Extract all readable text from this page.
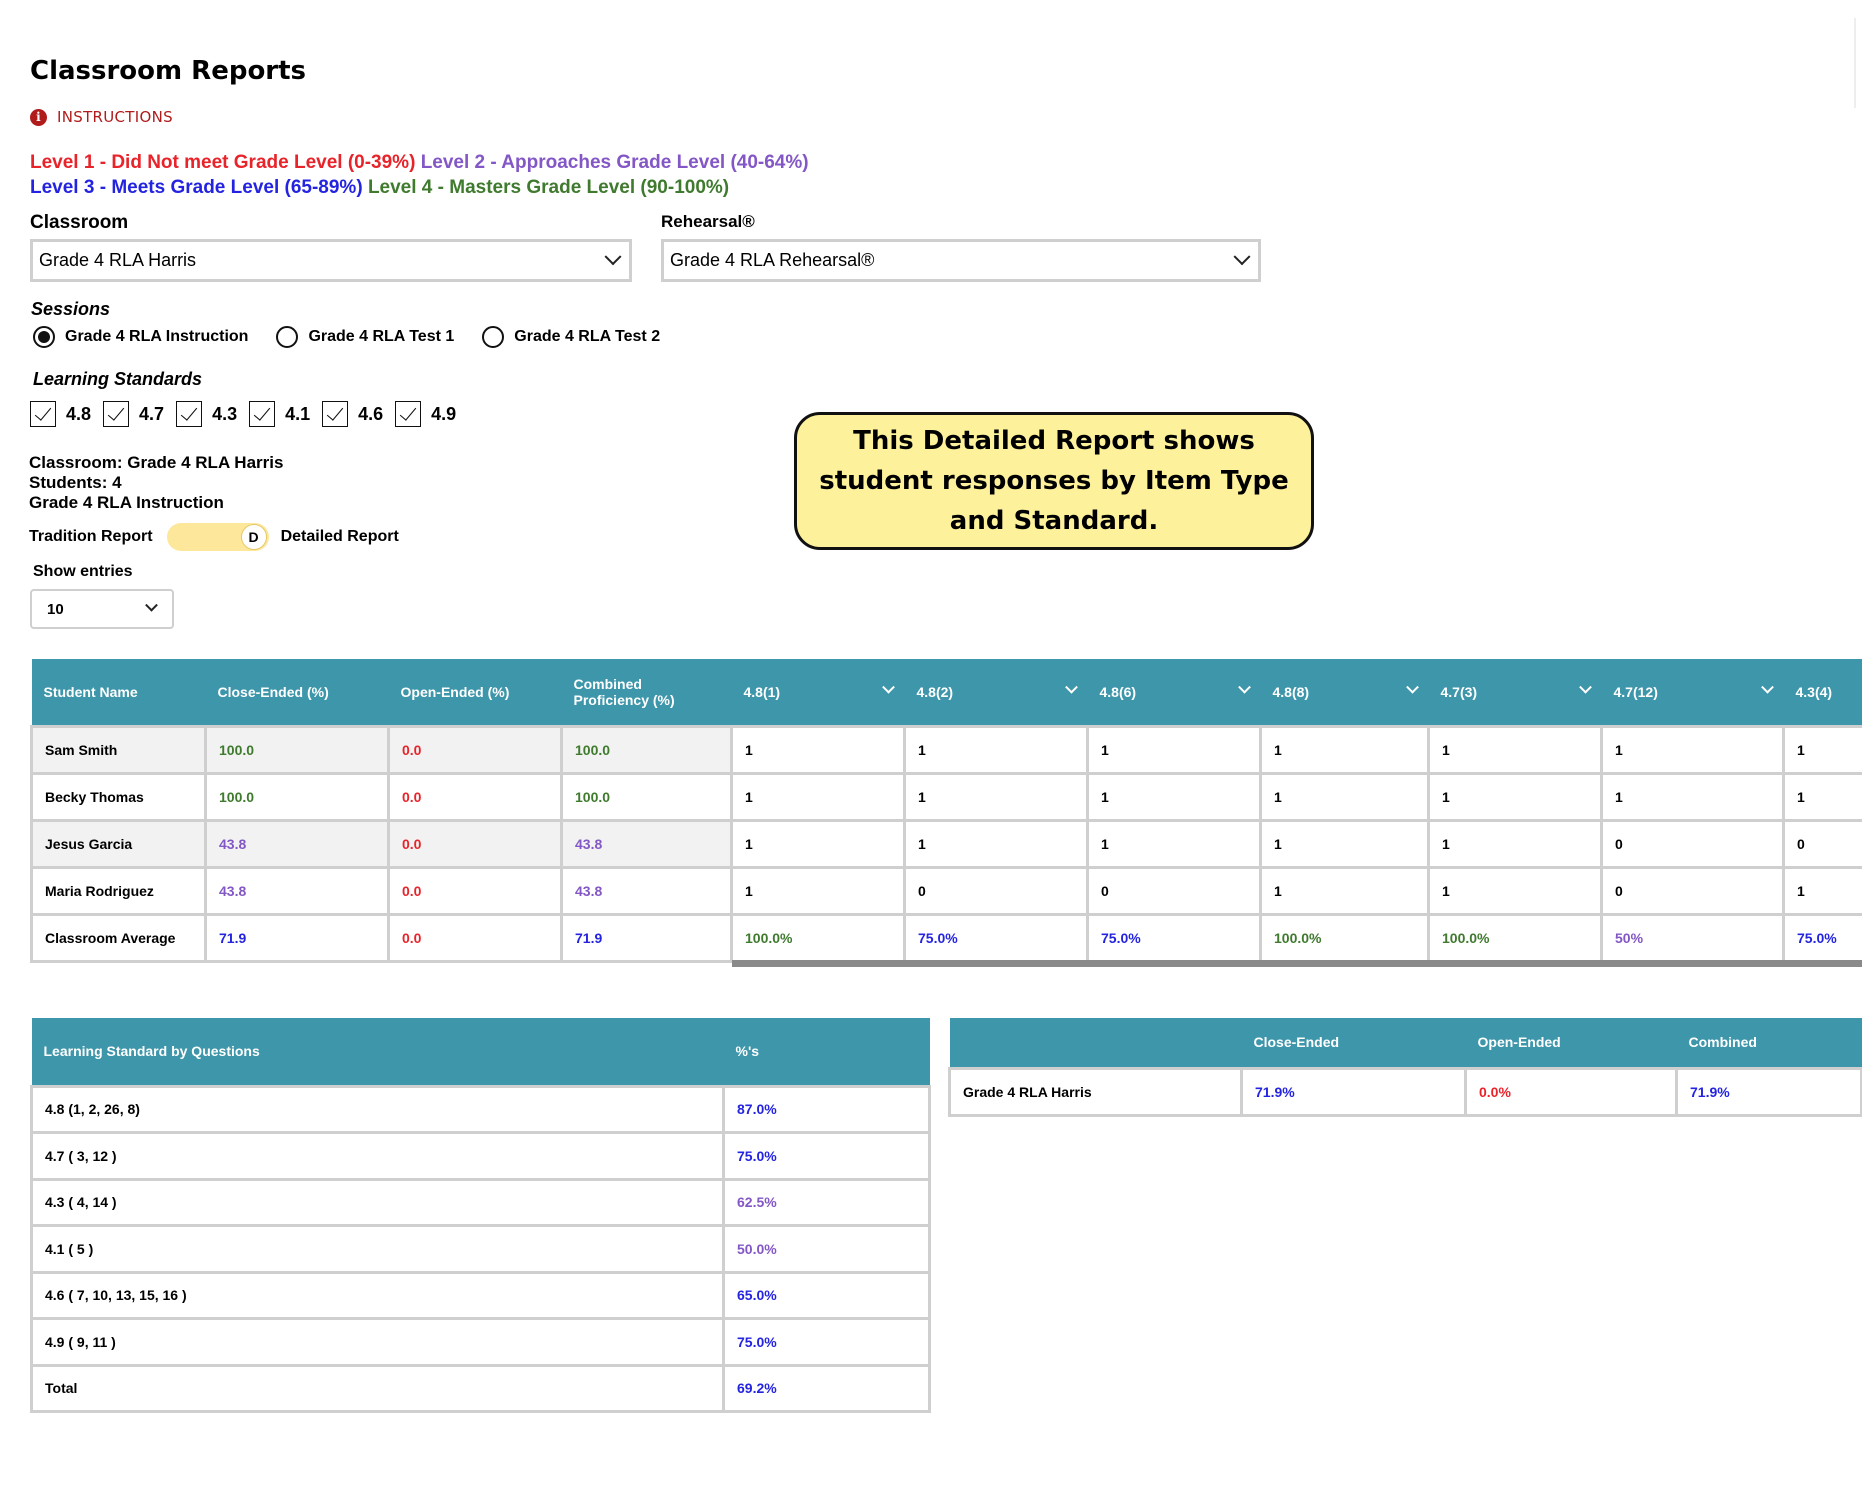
Classroom Reports
i	INSTRUCTIONS
Level 1 - Did Not meet Grade Level (0-39%) Level 2 - Approaches Grade Level (40-64%)
Level 3 - Meets Grade Level (65-89%) Level 4 - Masters Grade Level (90-100%)
Classroom
Grade 4 RLA Harris
Rehearsal®
Grade 4 RLA Rehearsal®
Sessions
Grade 4 RLA Instruction	Grade 4 RLA Test 1	Grade 4 RLA Test 2
Learning Standards
4.8	4.7	4.3	4.1	4.6	4.9
Classroom: Grade 4 RLA Harris
Students: 4
Grade 4 RLA Instruction
Tradition Report	D	Detailed Report
This Detailed Report shows student responses by Item Type and Standard.
Show entries
10
Student Name	Close-Ended (%)	Open-Ended (%)	Combined Proficiency (%)	4.8(1)	4.8(2)	4.8(6)	4.8(8)	4.7(3)	4.7(12)	4.3(4)

Sam Smith	100.0	0.0	100.0	1	1	1	1	1	1	1
Becky Thomas	100.0	0.0	100.0	1	1	1	1	1	1	1
Jesus Garcia	43.8	0.0	43.8	1	1	1	1	1	0	0
Maria Rodriguez	43.8	0.0	43.8	1	0	0	1	1	0	1
Classroom Average	71.9	0.0	71.9	100.0%	75.0%	75.0%	100.0%	100.0%	50%	75.0%
Learning Standard by Questions	%'s
4.8 (1, 2, 26, 8)	87.0%
4.7 ( 3, 12 )	75.0%
4.3 ( 4, 14 )	62.5%
4.1 ( 5 )	50.0%
4.6 ( 7, 10, 13, 15, 16 )	65.0%
4.9 ( 9, 11 )	75.0%
Total	69.2%
	Close-Ended	Open-Ended	Combined
Grade 4 RLA Harris	71.9%	0.0%	71.9%
